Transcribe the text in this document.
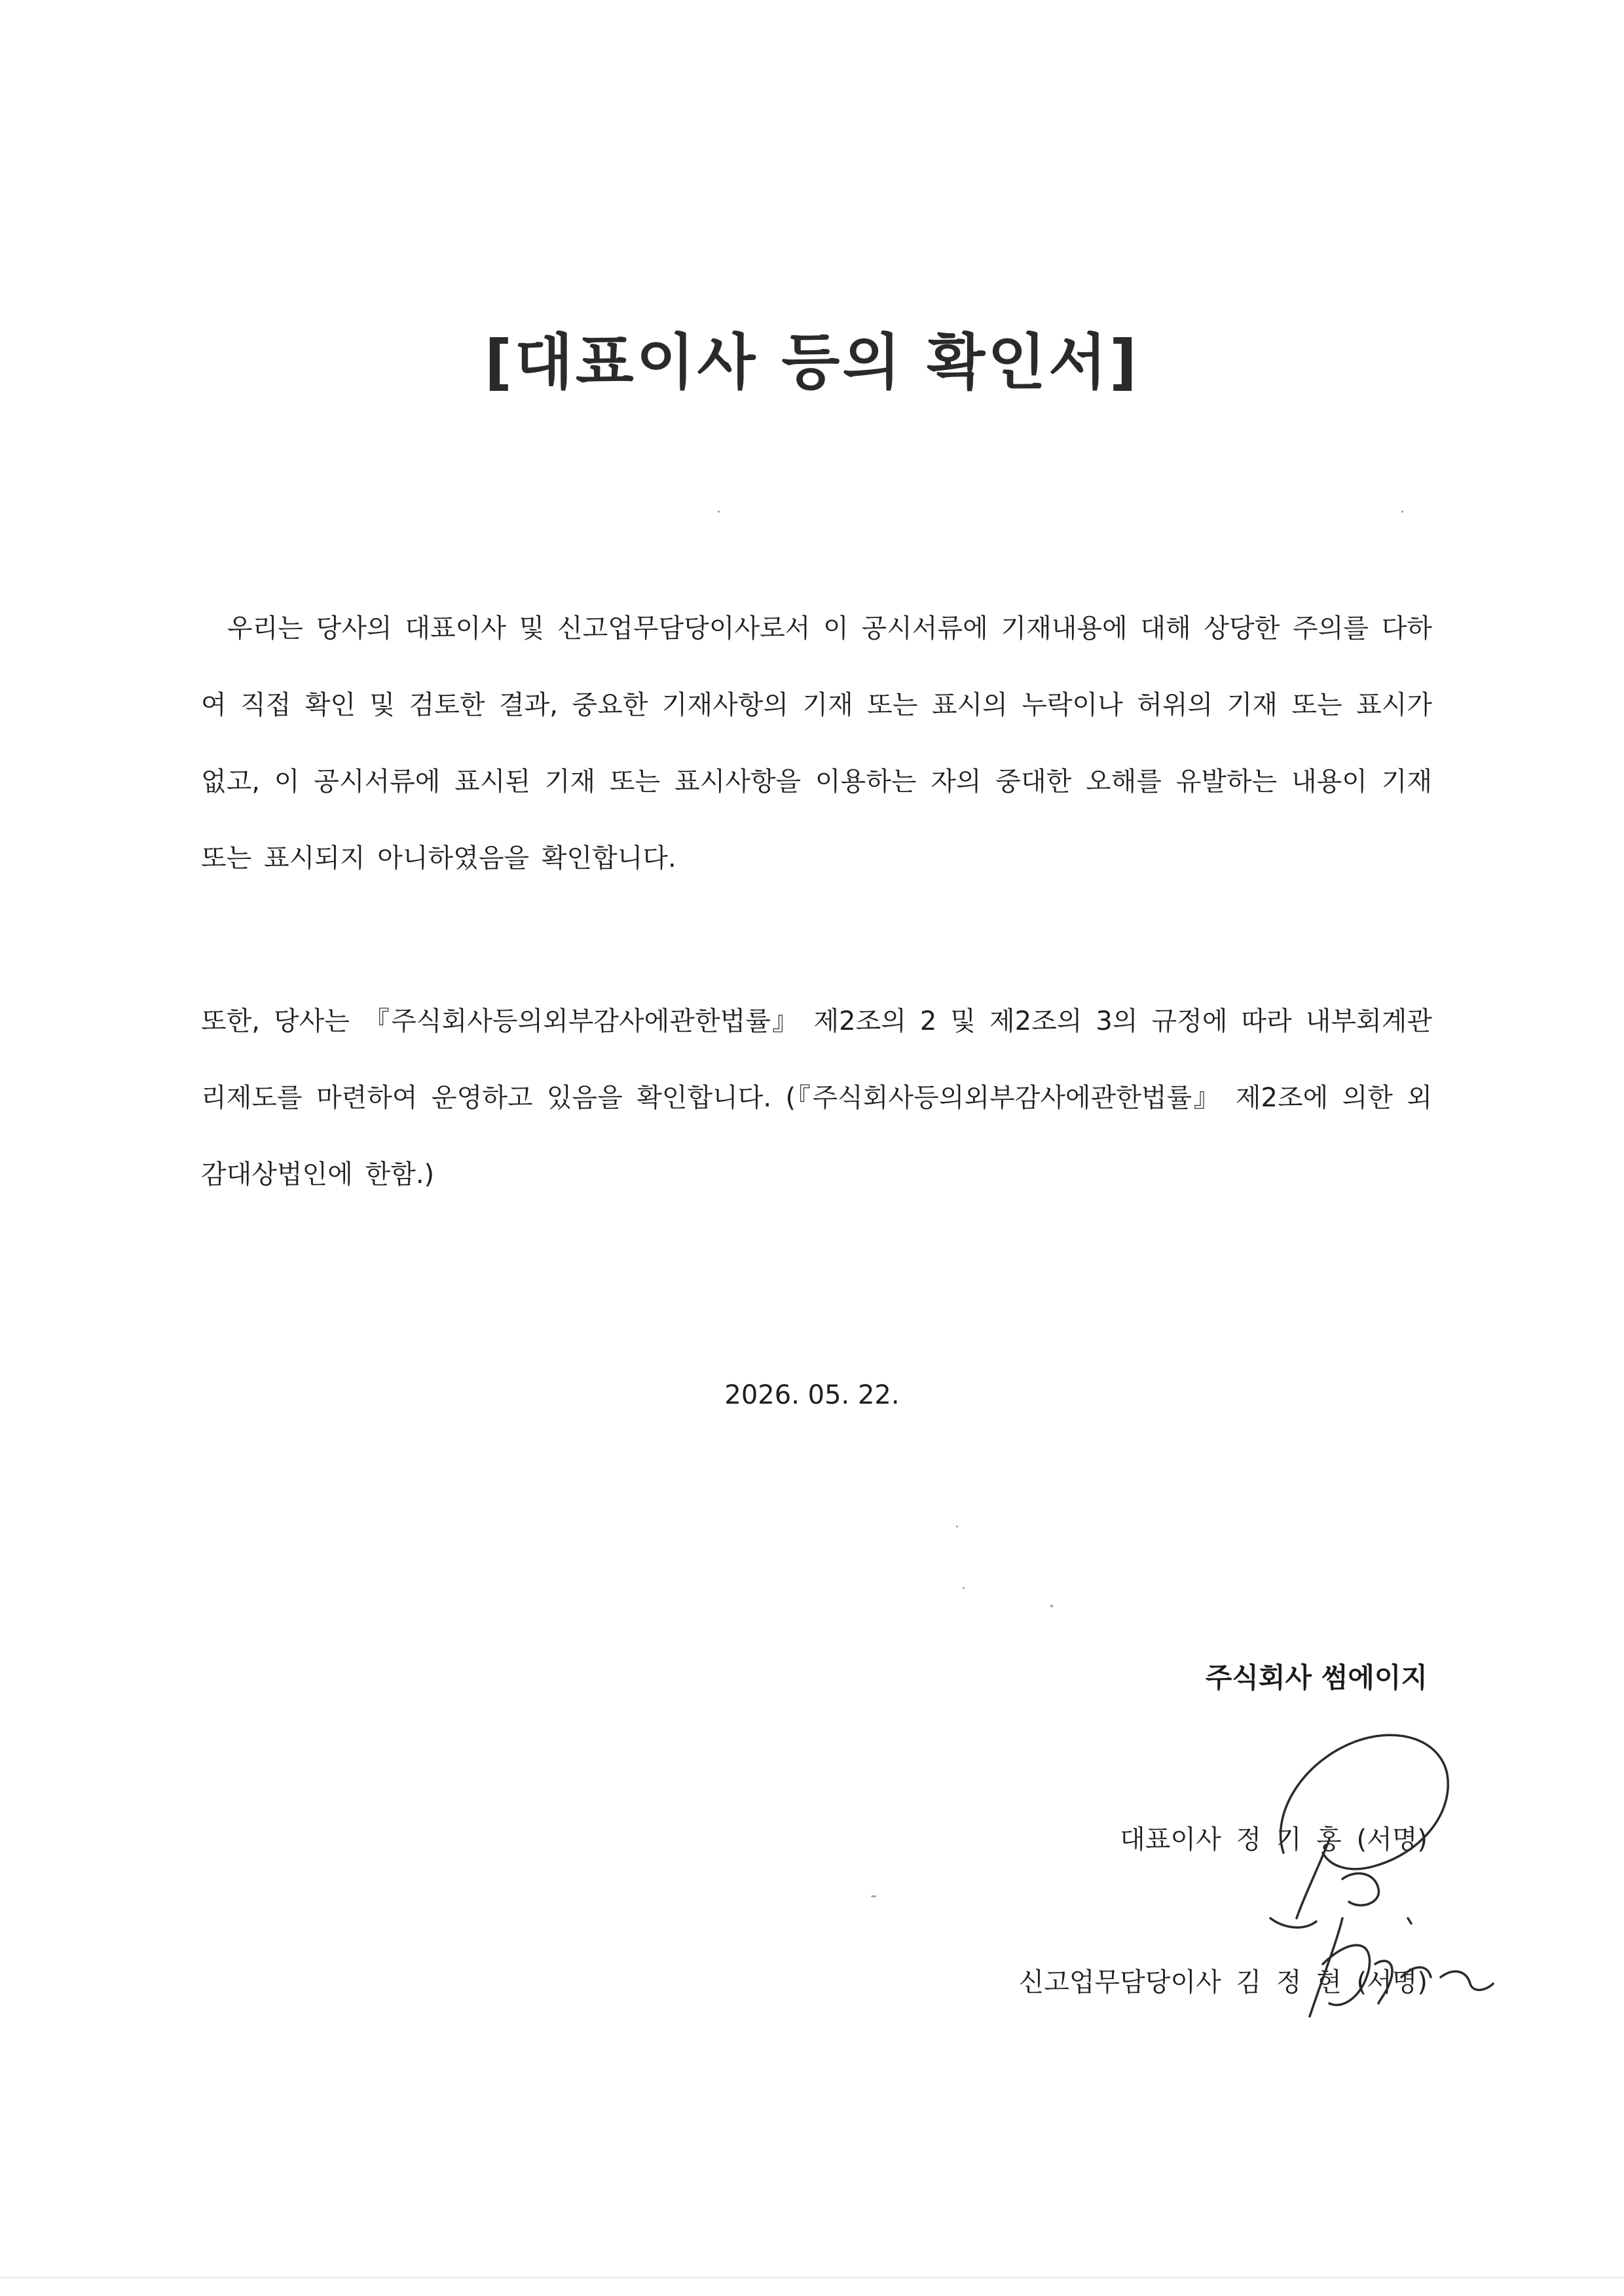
[대표이사 등의 확인서]
우리는 당사의 대표이사 및 신고업무담당이사로서 이 공시서류에 기재내용에 대해 상당한 주의를 다하여 직접 확인 및 검토한 결과, 중요한 기재사항의 기재 또는 표시의 누락이나 허위의 기재 또는 표시가 없고, 이 공시서류에 표시된 기재 또는 표시사항을 이용하는 자의 중대한 오해를 유발하는 내용이 기재 또는 표시되지 아니하였음을 확인합니다.
또한, 당사는 『주식회사등의외부감사에관한법률』 제2조의 2 및 제2조의 3의 규정에 따라 내부회계관리제도를 마련하여 운영하고 있음을 확인합니다. (『주식회사등의외부감사에관한법률』 제2조에 의한 외감대상법인에 한함.)
2026. 05. 22.
주식회사 썸에이지
대표이사 정 기 홍 (서명)
신고업무담당이사 김 정 현 (서명)
